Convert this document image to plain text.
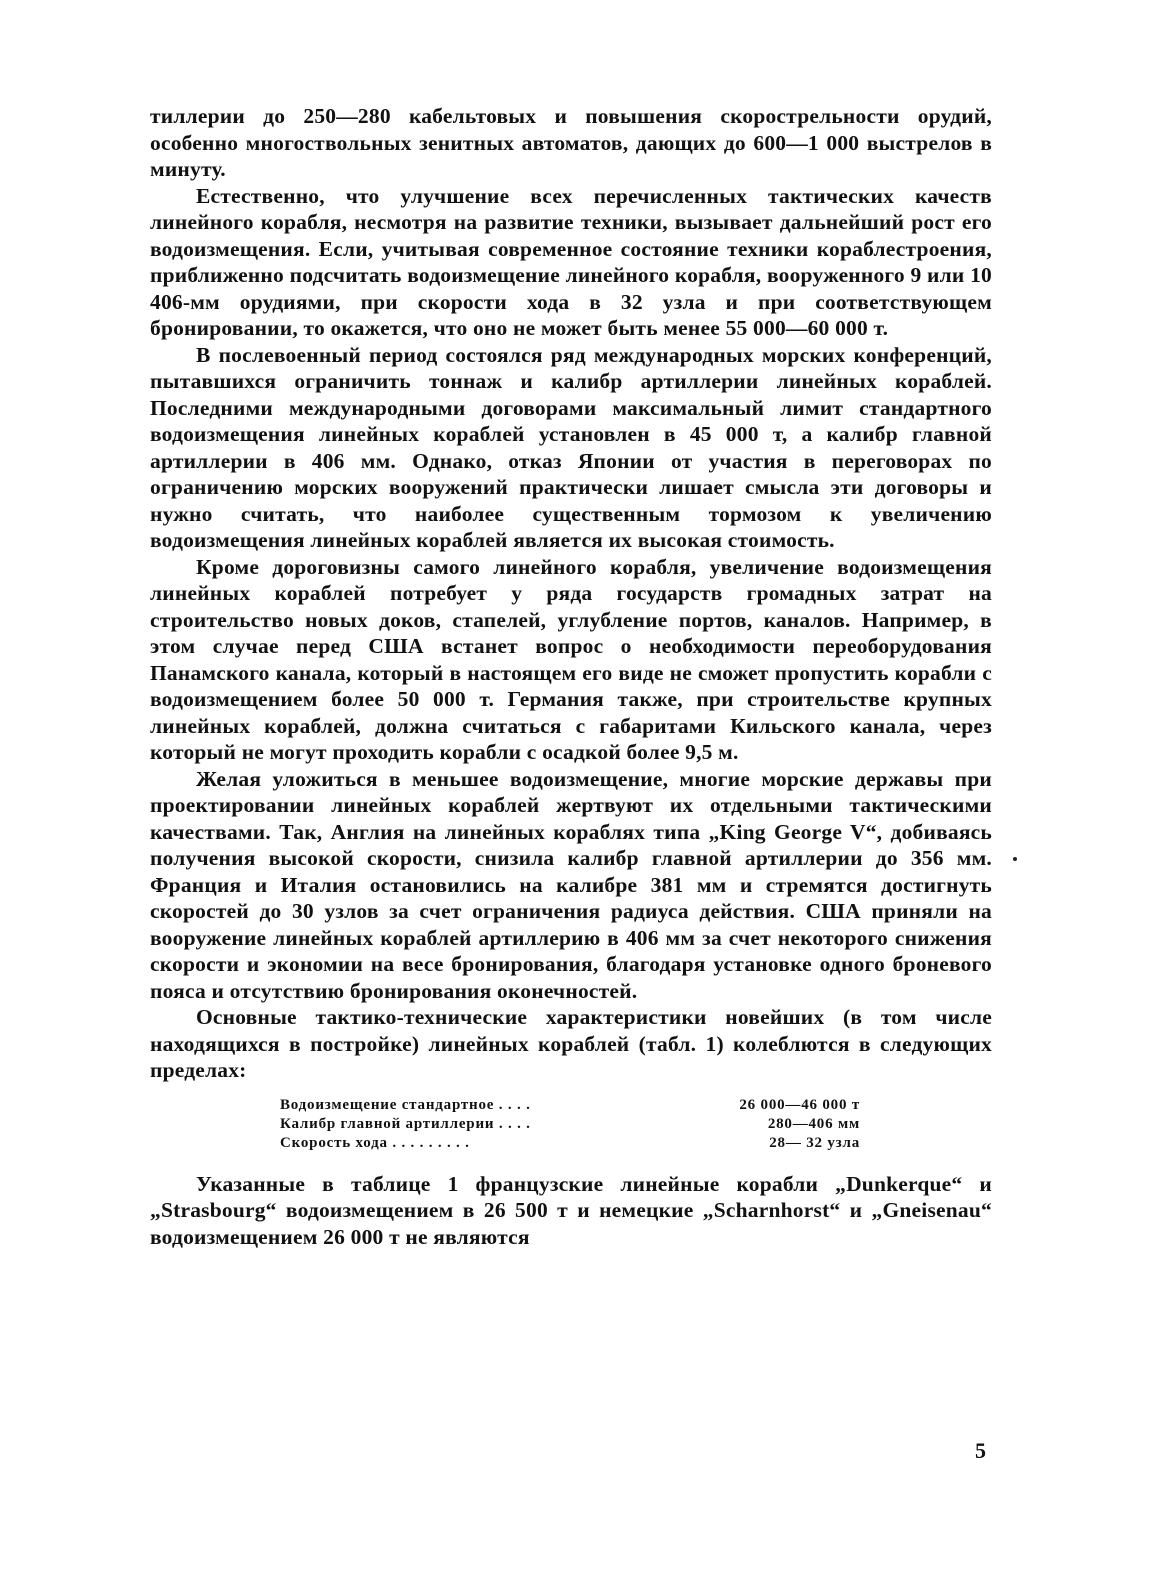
тиллерии до 250—280 кабельтовых и повышения скорострельности орудий, особенно многоствольных зенитных автоматов, дающих до 600—1 000 выстрелов в минуту.

Естественно, что улучшение всех перечисленных тактических качеств линейного корабля, несмотря на развитие техники, вызывает дальнейший рост его водоизмещения. Если, учитывая современное состояние техники кораблестроения, приближенно подсчитать водоизмещение линейного корабля, вооруженного 9 или 10 406-мм орудиями, при скорости хода в 32 узла и при соответствующем бронировании, то окажется, что оно не может быть менее 55 000—60 000 т.

В послевоенный период состоялся ряд международных морских конференций, пытавшихся ограничить тоннаж и калибр артиллерии линейных кораблей. Последними международными договорами максимальный лимит стандартного водоизмещения линейных кораблей установлен в 45 000 т, а калибр главной артиллерии в 406 мм. Однако, отказ Японии от участия в переговорах по ограничению морских вооружений практически лишает смысла эти договоры и нужно считать, что наиболее существенным тормозом к увеличению водоизмещения линейных кораблей является их высокая стоимость.

Кроме дороговизны самого линейного корабля, увеличение водоизмещения линейных кораблей потребует у ряда государств громадных затрат на строительство новых доков, стапелей, углубление портов, каналов. Например, в этом случае перед США встанет вопрос о необходимости переоборудования Панамского канала, который в настоящем его виде не сможет пропустить корабли с водоизмещением более 50 000 т. Германия также, при строительстве крупных линейных кораблей, должна считаться с габаритами Кильского канала, через который не могут проходить корабли с осадкой более 9,5 м.

Желая уложиться в меньшее водоизмещение, многие морские державы при проектировании линейных кораблей жертвуют их отдельными тактическими качествами. Так, Англия на линейных кораблях типа „King George V“, добиваясь получения высокой скорости, снизила калибр главной артиллерии до 356 мм. Франция и Италия остановились на калибре 381 мм и стремятся достигнуть скоростей до 30 узлов за счет ограничения радиуса действия. США приняли на вооружение линейных кораблей артиллерию в 406 мм за счет некоторого снижения скорости и экономии на весе бронирования, благодаря установке одного броневого пояса и отсутствию бронирования оконечностей.

Основные тактико-технические характеристики новейших (в том числе находящихся в постройке) линейных кораблей (табл. 1) колеблются в следующих пределах:

Водоизмещение стандартное . . . .	26 000—46 000 т
Калибр главной артиллерии . . . .	280—406 мм
Скорость хода . . . . . . . . .	28— 32 узла

Указанные в таблице 1 французские линейные корабли „Dunkerque“ и „Strasbourg“ водоизмещением в 26 500 т и немецкие „Scharnhorst“ и „Gneisenau“ водоизмещением 26 000 т не являются

5
